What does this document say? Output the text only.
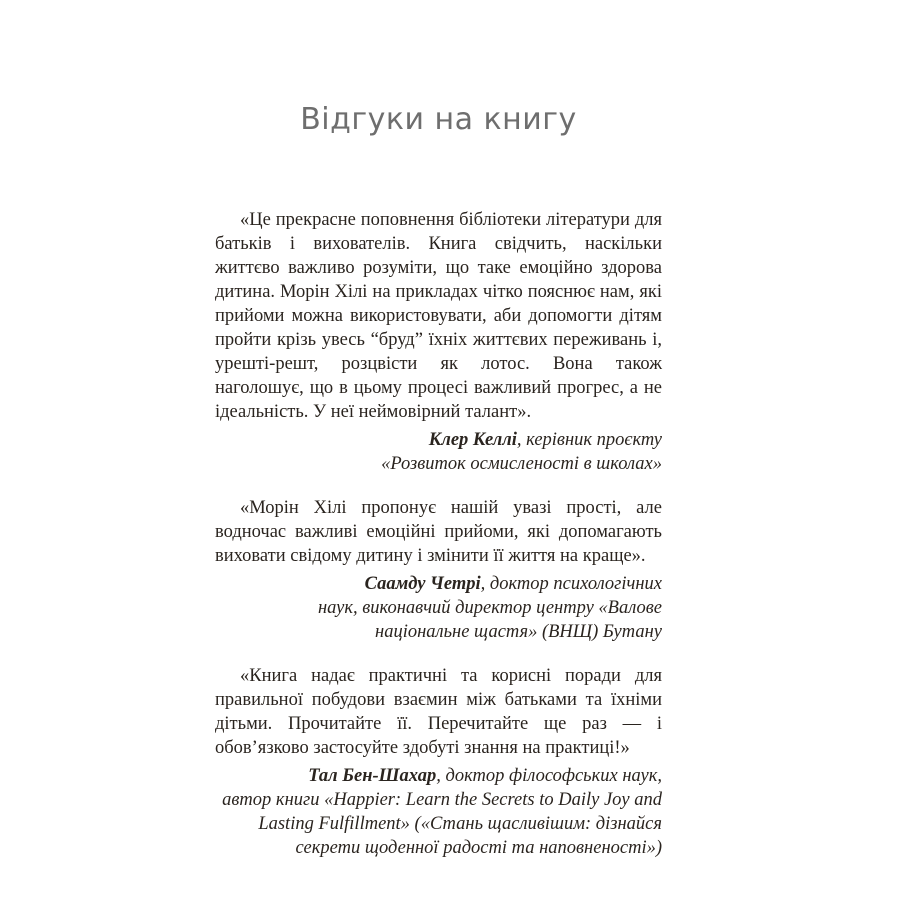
Відгуки на книгу

«Це прекрасне поповнення бібліотеки літератури для батьків і вихователів. Книга свідчить, наскільки життєво важливо розуміти, що таке емоційно здорова дитина. Морін Хілі на прикладах чітко пояснює нам, які прийоми можна використовувати, аби допомогти дітям пройти крізь увесь “бруд” їхніх життєвих переживань і, урешті-решт, розцвісти як лотос. Вона також наголошує, що в цьому процесі важливий прогрес, а не ідеальність. У неї неймовірний талант».

Клер Келлі, керівник проєкту
«Розвиток осмисленості в школах»

«Морін Хілі пропонує нашій увазі прості, але водночас важливі емоційні прийоми, які допомагають виховати свідому дитину і змінити її життя на краще».

Саамду Четрі, доктор психологічних
наук, виконавчий директор центру «Валове
національне щастя» (ВНЩ) Бутану

«Книга надає практичні та корисні поради для правильної побудови взаємин між батьками та їхніми дітьми. Прочитайте її. Перечитайте ще раз — і обов’язково застосуйте здобуті знання на практиці!»

Тал Бен-Шахар, доктор філософських наук,
автор книги «Happier: Learn the Secrets to Daily Joy and
Lasting Fulfillment» («Стань щасливішим: дізнайся
секрети щоденної радості та наповненості»)
